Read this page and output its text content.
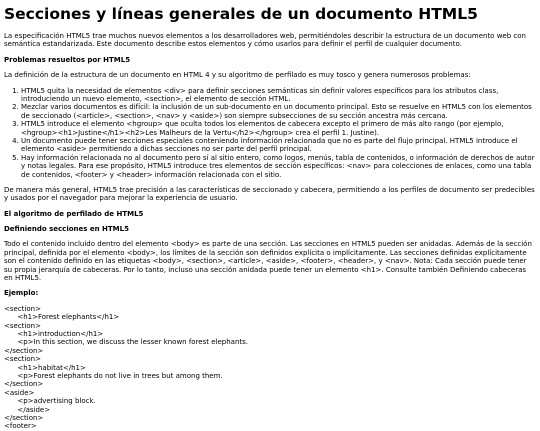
Secciones y líneas generales de un documento HTML5

La especificación HTML5 trae muchos nuevos elementos a los desarrolladores web, permitiéndoles describir la estructura de un documento web con semántica estandarizada. Este documento describe estos elementos y cómo usarlos para definir el perfil de cualquier documento.

Problemas resueltos por HTML5

La definición de la estructura de un documento en HTML 4 y su algoritmo de perfilado es muy tosco y genera numerosos problemas:

1. HTML5 quita la necesidad de elementos <div> para definir secciones semánticas sin definir valores específicos para los atributos class, introduciendo un nuevo elemento, <section>, el elemento de sección HTML.
2. Mezclar varios documentos es difícil: la inclusión de un sub-documento en un documento principal. Esto se resuelve en HTML5 con los elementos de seccionado (<article>, <section>, <nav> y <aside>) son siempre subsecciones de su sección ancestra más cercana.
3. HTML5 introduce el elemento <hgroup> que oculta todos los elementos de cabecera excepto el primero de más alto rango (por ejemplo, <hgroup><h1>Justine</h1><h2>Les Malheurs de la Vertu</h2></hgroup> crea el perfil 1. Justine).
4. Un documento puede tener secciones especiales conteniendo información relacionada que no es parte del flujo principal. HTML5 introduce el elemento <aside> permitiendo a dichas secciones no ser parte del perfil principal.
5. Hay información relacionada no al documento pero sí al sitio entero, como logos, menús, tabla de contenidos, o información de derechos de autor y notas legales. Para ese propósito, HTML5 introduce tres elementos de sección específicos: <nav> para colecciones de enlaces, como una tabla de contenidos, <footer> y <header> información relacionada con el sitio.

De manera más general, HTML5 trae precisión a las características de seccionado y cabecera, permitiendo a los perfiles de documento ser predecibles y usados por el navegador para mejorar la experiencia de usuario.

El algoritmo de perfilado de HTML5
Definiendo secciones en HTML5

Todo el contenido incluido dentro del elemento <body> es parte de una sección. Las secciones en HTML5 pueden ser anidadas. Además de la sección principal, definida por el elemento <body>, los límites de la sección son definidos explícita o implícitamente. Las secciones definidas explícitamente son el contenido definido en las etiquetas <body>, <section>, <article>, <aside>, <footer>, <header>, y <nav>. Nota: Cada sección puede tener su propia jerarquía de cabeceras. Por lo tanto, incluso una sección anidada puede tener un elemento <h1>. Consulte también Definiendo cabeceras en HTML5.

Ejemplo:
<section>
<h1>Forest elephants</h1>
<section>
<h1>introduction</h1>
<p>In this section, we discuss the lesser known forest elephants.
</section>
<section>
<h1>habitat</h1>
<p>Forest elephants do not live in trees but among them.
</section>
<aside>
<p>advertising block.
</aside>
</section>
<footer>
